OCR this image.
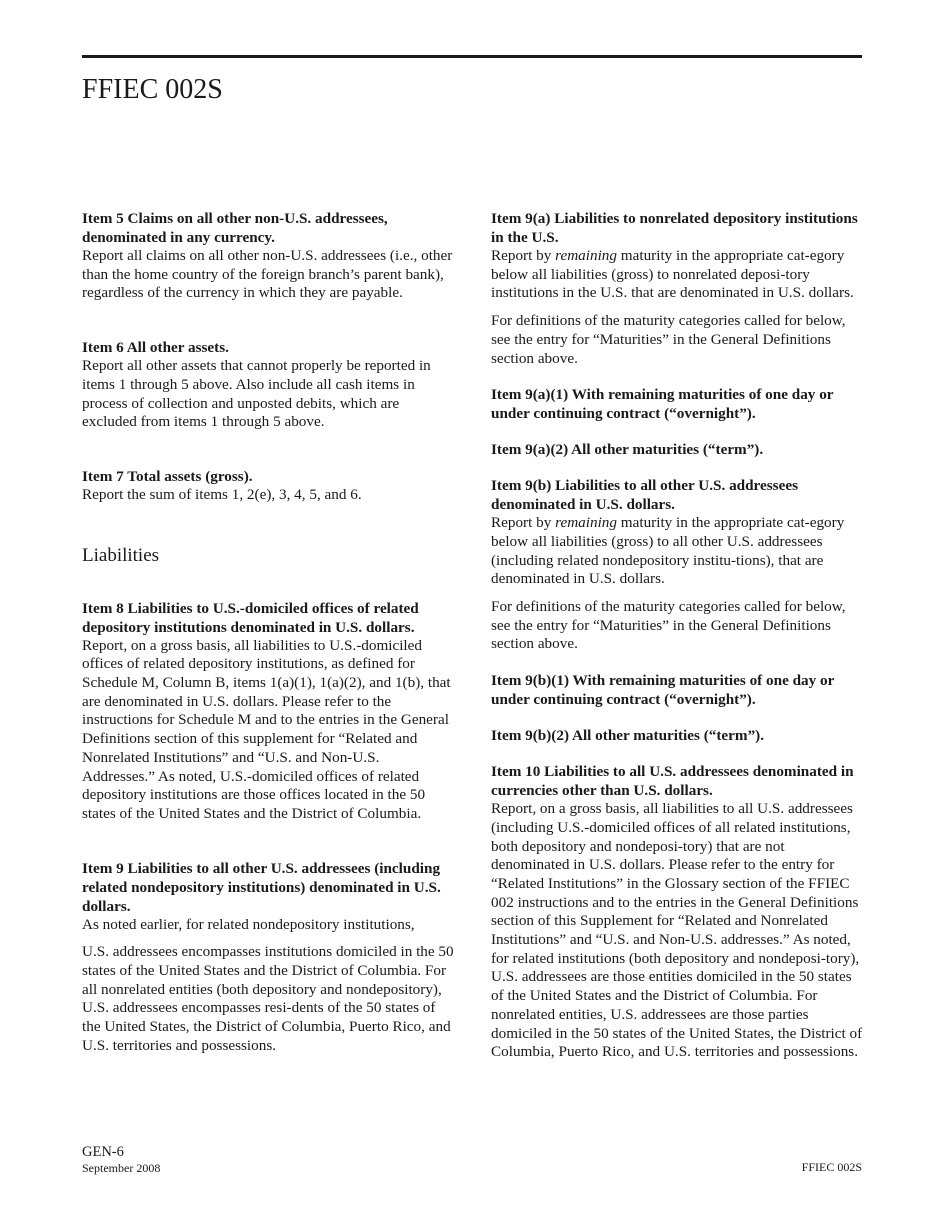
FFIEC 002S
Item 5 Claims on all other non-U.S. addressees, denominated in any currency.

Report all claims on all other non-U.S. addressees (i.e., other than the home country of the foreign branch’s parent bank), regardless of the currency in which they are payable.

Item 6 All other assets.

Report all other assets that cannot properly be reported in items 1 through 5 above. Also include all cash items in process of collection and unposted debits, which are excluded from items 1 through 5 above.

Item 7 Total assets (gross).

Report the sum of items 1, 2(e), 3, 4, 5, and 6.

Liabilities
Item 8 Liabilities to U.S.-domiciled offices of related depository institutions denominated in U.S. dollars.

Report, on a gross basis, all liabilities to U.S.-domiciled offices of related depository institutions, as defined for Schedule M, Column B, items 1(a)(1), 1(a)(2), and 1(b), that are denominated in U.S. dollars. Please refer to the instructions for Schedule M and to the entries in the General Definitions section of this supplement for “Related and Nonrelated Institutions” and “U.S. and Non-U.S. Addresses.” As noted, U.S.-domiciled offices of related depository institutions are those offices located in the 50 states of the United States and the District of Columbia.

Item 9 Liabilities to all other U.S. addressees (including related nondepository institutions) denominated in U.S. dollars.

As noted earlier, for related nondepository institutions,

U.S. addressees encompasses institutions domiciled in the 50 states of the United States and the District of Columbia. For all nonrelated entities (both depository and nondepository), U.S. addressees encompasses resi-dents of the 50 states of the United States, the District of Columbia, Puerto Rico, and U.S. territories and possessions.

Item 9(a) Liabilities to nonrelated depository institutions in the U.S.

Report by remaining maturity in the appropriate cat-egory below all liabilities (gross) to nonrelated deposi-tory institutions in the U.S. that are denominated in U.S. dollars.

For definitions of the maturity categories called for below, see the entry for “Maturities” in the General Definitions section above.

Item 9(a)(1) With remaining maturities of one day or under continuing contract (“overnight”).
Item 9(a)(2) All other maturities (“term”).
Item 9(b) Liabilities to all other U.S. addressees denominated in U.S. dollars.

Report by remaining maturity in the appropriate cat-egory below all liabilities (gross) to all other U.S. addressees (including related nondepository institu-tions), that are denominated in U.S. dollars.

For definitions of the maturity categories called for below, see the entry for “Maturities” in the General Definitions section above.

Item 9(b)(1) With remaining maturities of one day or under continuing contract (“overnight”).
Item 9(b)(2) All other maturities (“term”).
Item 10 Liabilities to all U.S. addressees denominated in currencies other than U.S. dollars.

Report, on a gross basis, all liabilities to all U.S. addressees (including U.S.-domiciled offices of all related institutions, both depository and nondeposi-tory) that are not denominated in U.S. dollars. Please refer to the entry for “Related Institutions” in the Glossary section of the FFIEC 002 instructions and to the entries in the General Definitions section of this Supplement for “Related and Nonrelated Institutions” and “U.S. and Non-U.S. addresses.” As noted, for related institutions (both depository and nondeposi-tory), U.S. addressees are those entities domiciled in the 50 states of the United States and the District of Columbia. For nonrelated entities, U.S. addressees are those parties domiciled in the 50 states of the United States, the District of Columbia, Puerto Rico, and U.S. territories and possessions.

GEN-6
September 2008	FFIEC 002S
